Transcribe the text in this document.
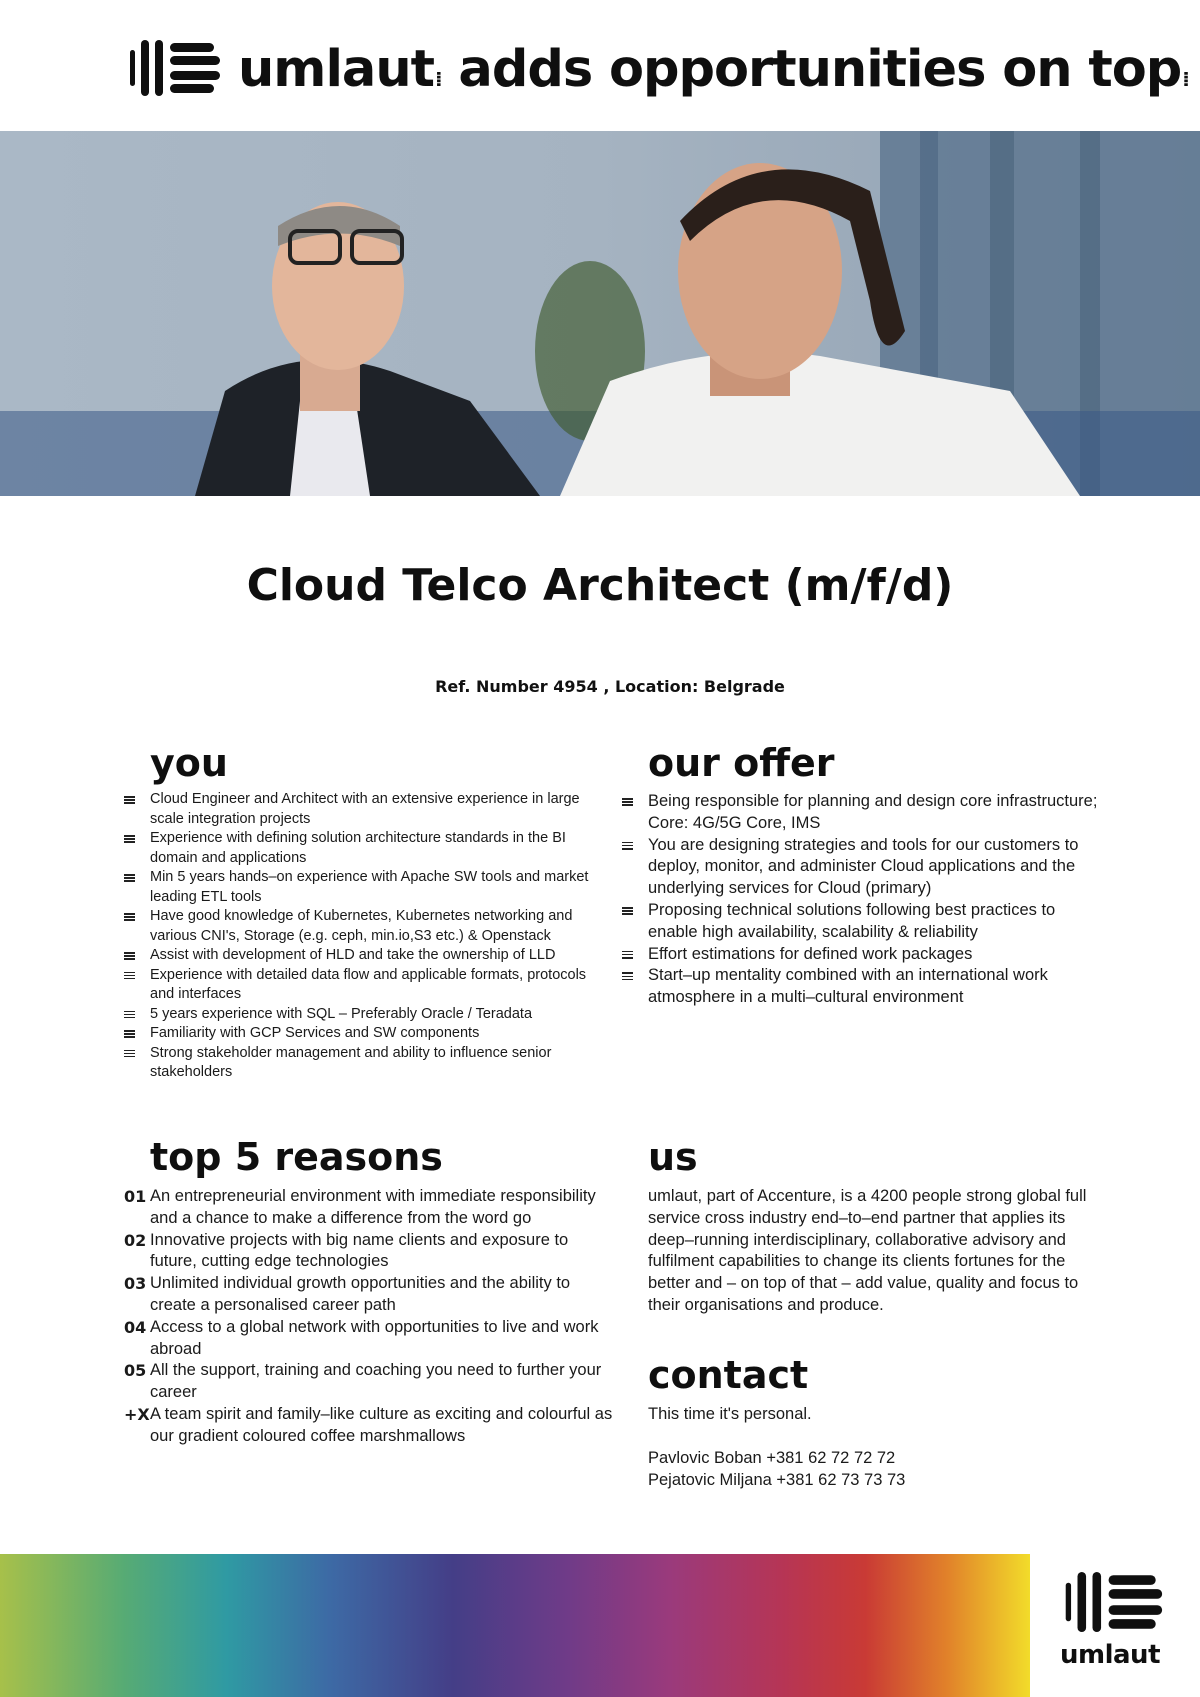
umlaut⁞ adds opportunities on top⁞
Cloud Telco Architect (m/f/d)
Ref. Number 4954 , Location: Belgrade
you
Cloud Engineer and Architect with an extensive experience in large scale integration projects
Experience with defining solution architecture standards in the BI domain and applications
Min 5 years hands–on experience with Apache SW tools and market leading ETL tools
Have good knowledge of Kubernetes, Kubernetes networking and various CNI's, Storage (e.g. ceph, min.io,S3 etc.) & Openstack
Assist with development of HLD and take the ownership of LLD
Experience with detailed data flow and applicable formats, protocols and interfaces
5 years experience with SQL – Preferably Oracle / Teradata
Familiarity with GCP Services and SW components
Strong stakeholder management and ability to influence senior stakeholders
our offer
Being responsible for planning and design core infrastructure; Core: 4G/5G Core, IMS
You are designing strategies and tools for our customers to deploy, monitor, and administer Cloud applications and the underlying services for Cloud (primary)
Proposing technical solutions following best practices to enable high availability, scalability & reliability
Effort estimations for defined work packages
Start–up mentality combined with an international work atmosphere in a multi–cultural environment
top 5 reasons
01 An entrepreneurial environment with immediate responsibility and a chance to make a difference from the word go
02 Innovative projects with big name clients and exposure to future, cutting edge technologies
03 Unlimited individual growth opportunities and the ability to create a personalised career path
04 Access to a global network with opportunities to live and work abroad
05 All the support, training and coaching you need to further your career
+X A team spirit and family–like culture as exciting and colourful as our gradient coloured coffee marshmallows
us

umlaut, part of Accenture, is a 4200 people strong global full service cross industry end–to–end partner that applies its deep–running interdisciplinary, collaborative advisory and fulfilment capabilities to change its clients fortunes for the better and – on top of that – add value, quality and focus to their organisations and produce.

contact

This time it's personal.

Pavlovic Boban +381 62 72 72 72

Pejatovic Miljana +381 62 73 73 73

umlaut
